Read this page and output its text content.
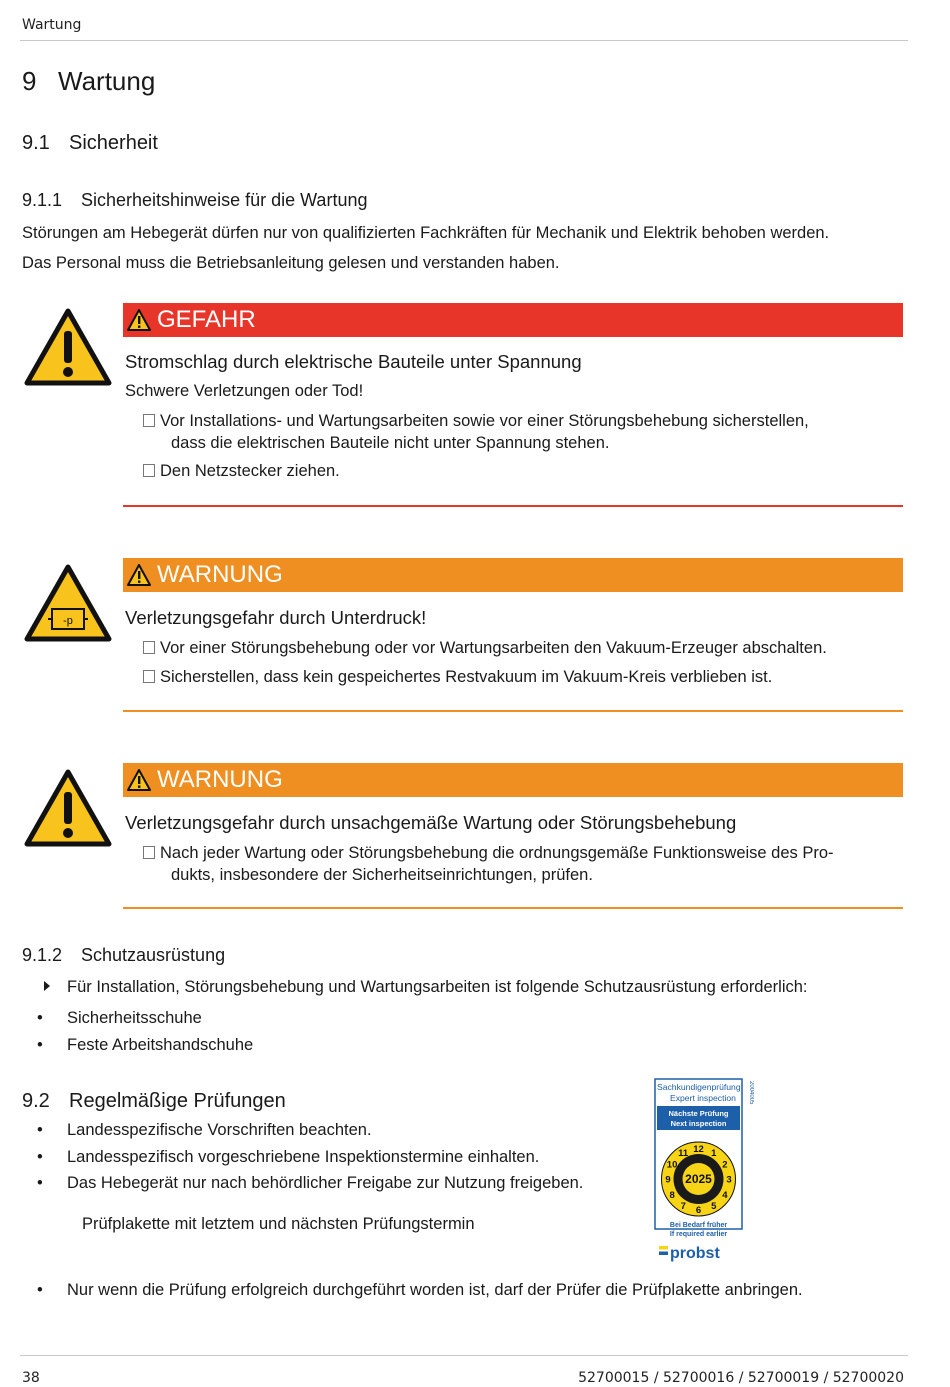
Wartung
9 Wartung
9.1 Sicherheit
9.1.1 Sicherheitshinweise für die Wartung
Störungen am Hebegerät dürfen nur von qualifizierten Fachkräften für Mechanik und Elektrik behoben werden.
Das Personal muss die Betriebsanleitung gelesen und verstanden haben.
GEFAHR
Stromschlag durch elektrische Bauteile unter Spannung
Schwere Verletzungen oder Tod!
Vor Installations- und Wartungsarbeiten sowie vor einer Störungsbehebung sicherstellen,
dass die elektrischen Bauteile nicht unter Spannung stehen.
Den Netzstecker ziehen.
-p
WARNUNG
Verletzungsgefahr durch Unterdruck!
Vor einer Störungsbehebung oder vor Wartungsarbeiten den Vakuum-Erzeuger abschalten.
Sicherstellen, dass kein gespeichertes Restvakuum im Vakuum-Kreis verblieben ist.
WARNUNG
Verletzungsgefahr durch unsachgemäße Wartung oder Störungsbehebung
Nach jeder Wartung oder Störungsbehebung die ordnungsgemäße Funktionsweise des Pro-
dukts, insbesondere der Sicherheitseinrichtungen, prüfen.
9.1.2 Schutzausrüstung
Für Installation, Störungsbehebung und Wartungsarbeiten ist folgende Schutzausrüstung erforderlich:
• Sicherheitsschuhe
• Feste Arbeitshandschuhe
9.2 Regelmäßige Prüfungen
• Landesspezifische Vorschriften beachten.
• Landesspezifisch vorgeschriebene Inspektionstermine einhalten.
• Das Hebegerät nur nach behördlicher Freigabe zur Nutzung freigeben.
Prüfplakette mit letztem und nächsten Prüfungstermin
Sachkundigenprüfung
Expert inspection 2004005
Nächste Prüfung
Next inspection
1
2
3
4
5
6
7
8
9
10
11 12
2025
Bei Bedarf früher
If required earlier
probst
• Nur wenn die Prüfung erfolgreich durchgeführt worden ist, darf der Prüfer die Prüfplakette anbringen.
38	52700015 / 52700016 / 52700019 / 52700020
